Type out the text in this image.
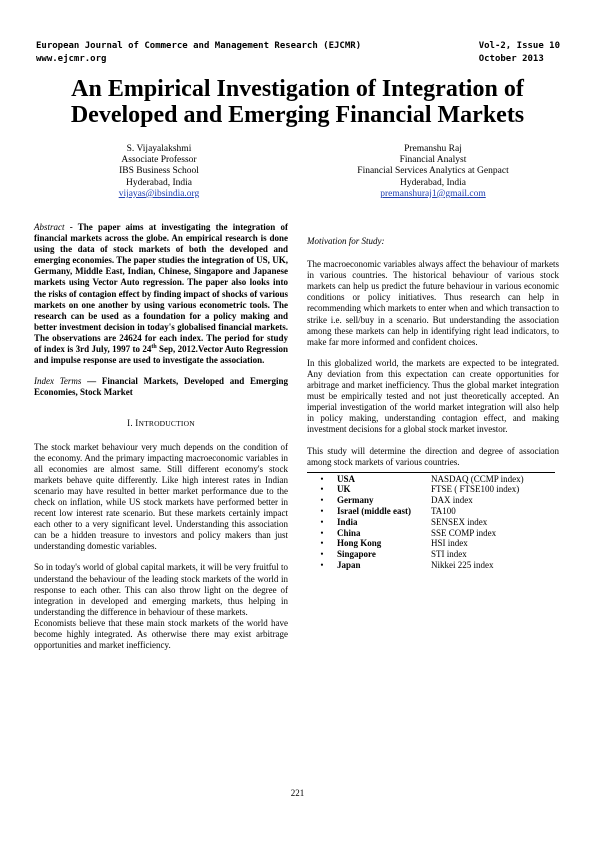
European Journal of Commerce and Management Research (EJCMR)
www.ejcmr.org
Vol-2, Issue 10
October 2013
An Empirical Investigation of Integration of Developed and Emerging Financial Markets
S. Vijayalakshmi
Associate Professor
IBS Business School
Hyderabad, India
vijayas@ibsindia.org
Premanshu Raj
Financial Analyst
Financial Services Analytics at Genpact
Hyderabad, India
premanshuraj1@gmail.com

Abstract - The paper aims at investigating the integration of financial markets across the globe. An empirical research is done using the data of stock markets of both the developed and emerging economies. The paper studies the integration of US, UK, Germany, Middle East, Indian, Chinese, Singapore and Japanese markets using Vector Auto regression. The paper also looks into the risks of contagion effect by finding impact of shocks of various markets on one another by using various econometric tools. The research can be used as a foundation for a policy making and better investment decision in today's globalised financial markets. The observations are 24624 for each index. The period for study of index is 3rd July, 1997 to 24th Sep, 2012.Vector Auto Regression and impulse response are used to investigate the association.

Index Terms — Financial Markets, Developed and Emerging Economies, Stock Market

I. INTRODUCTION

The stock market behaviour very much depends on the condition of the economy. And the primary impacting macroeconomic variables in all economies are almost same. Still different economy's stock markets behave quite differently. Like high interest rates in Indian scenario may have resulted in better market performance due to the check on inflation, while US stock markets have performed better in recent low interest rate scenario. But these markets certainly impact each other to a very significant level. Understanding this association can be a hidden treasure to investors and policy makers than just understanding domestic variables.

So in today's world of global capital markets, it will be very fruitful to understand the behaviour of the leading stock markets of the world in response to each other. This can also throw light on the degree of integration in developed and emerging markets, thus helping in understanding the difference in behaviour of these markets.

Economists believe that these main stock markets of the world have become highly integrated. As otherwise there may exist arbitrage opportunities and market inefficiency.

Motivation for Study:

The macroeconomic variables always affect the behaviour of markets in various countries. The historical behaviour of various stock markets can help us predict the future behaviour in various economic conditions or policy initiatives. Thus research can help in recommending which markets to enter when and which transaction to strike i.e. sell/buy in a scenario. But understanding the association among these markets can help in identifying right lead indicators, to make far more informed and confident choices.

In this globalized world, the markets are expected to be integrated. Any deviation from this expectation can create opportunities for arbitrage and market inefficiency. Thus the global market integration must be empirically tested and not just theoretically accepted. An imperial investigation of the world market integration will also help in policy making, understanding contagion effect, and making investment decisions for a global stock market investor.

This study will determine the direction and degree of association among stock markets of various countries.

•	USA	NASDAQ (CCMP index)

•	UK	FTSE ( FTSE100 index)
•	Germany	DAX index
•	Israel (middle east)	TA100
•	India	SENSEX index
•	China	SSE COMP index
•	Hong Kong	HSI index
•	Singapore	STI index
•	Japan	Nikkei 225 index
221
